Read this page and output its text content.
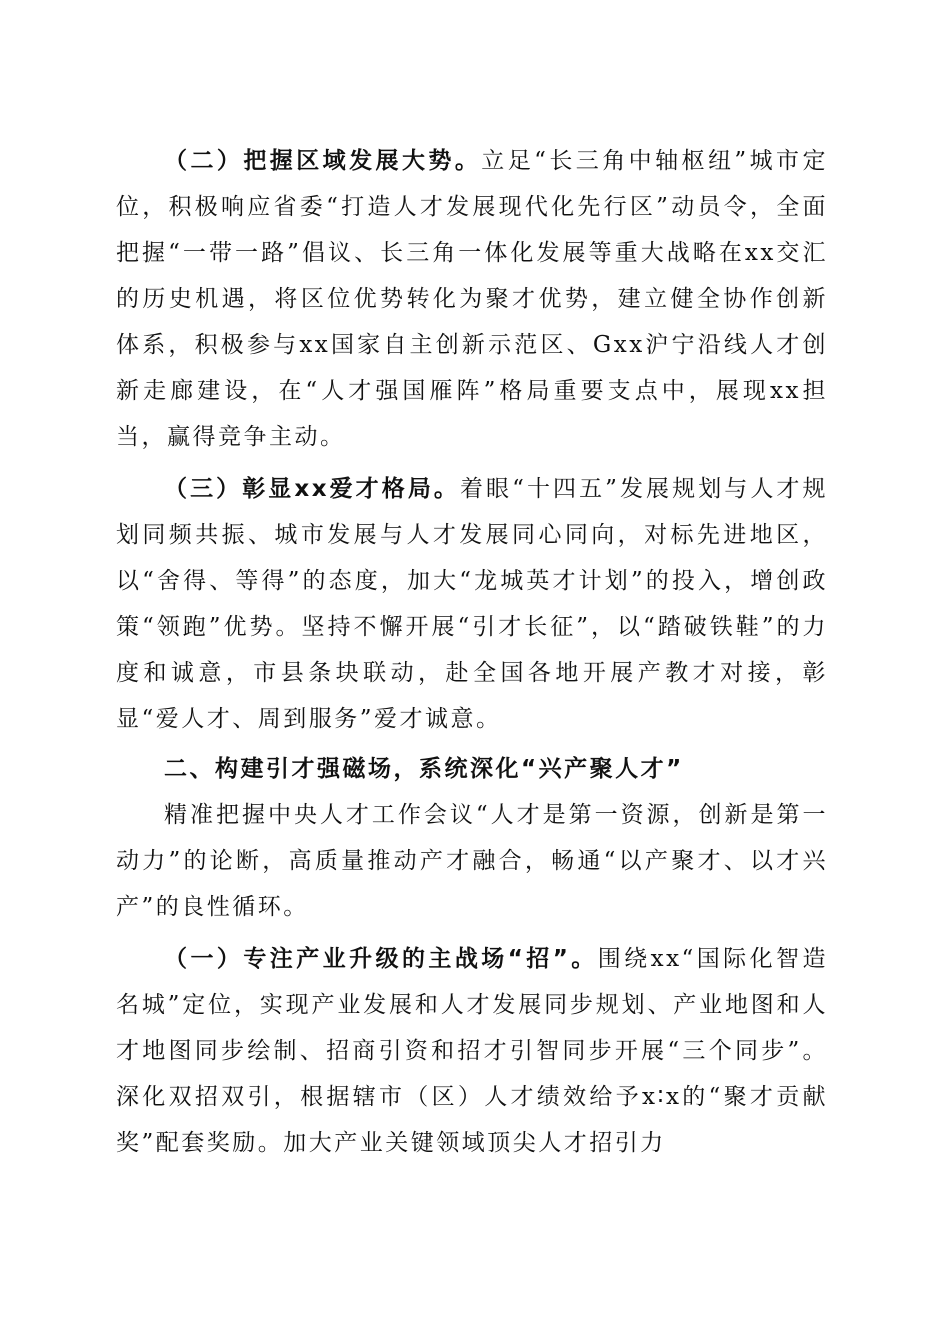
（二）把握区域发展大势。立足“长三角中轴枢纽”城市定位，积极响应省委“打造人才发展现代化先行区”动员令，全面把握“一带一路”倡议、长三角一体化发展等重大战略在xx交汇的历史机遇，将区位优势转化为聚才优势，建立健全协作创新体系，积极参与xx国家自主创新示范区、Gxx沪宁沿线人才创新走廊建设，在“人才强国雁阵”格局重要支点中，展现xx担当，赢得竞争主动。

（三）彰显xx爱才格局。着眼“十四五”发展规划与人才规划同频共振、城市发展与人才发展同心同向，对标先进地区，以“舍得、等得”的态度，加大“龙城英才计划”的投入，增创政策“领跑”优势。坚持不懈开展“引才长征”，以“踏破铁鞋”的力度和诚意，市县条块联动，赴全国各地开展产教才对接，彰显“爱人才、周到服务”爱才诚意。

二、构建引才强磁场，系统深化“兴产聚人才”

精准把握中央人才工作会议“人才是第一资源，创新是第一动力”的论断，高质量推动产才融合，畅通“以产聚才、以才兴产”的良性循环。

（一）专注产业升级的主战场“招”。围绕xx“国际化智造名城”定位，实现产业发展和人才发展同步规划、产业地图和人才地图同步绘制、招商引资和招才引智同步开展“三个同步”。深化双招双引，根据辖市（区）人才绩效给予x∶x的“聚才贡献奖”配套奖励。加大产业关键领域顶尖人才招引力
